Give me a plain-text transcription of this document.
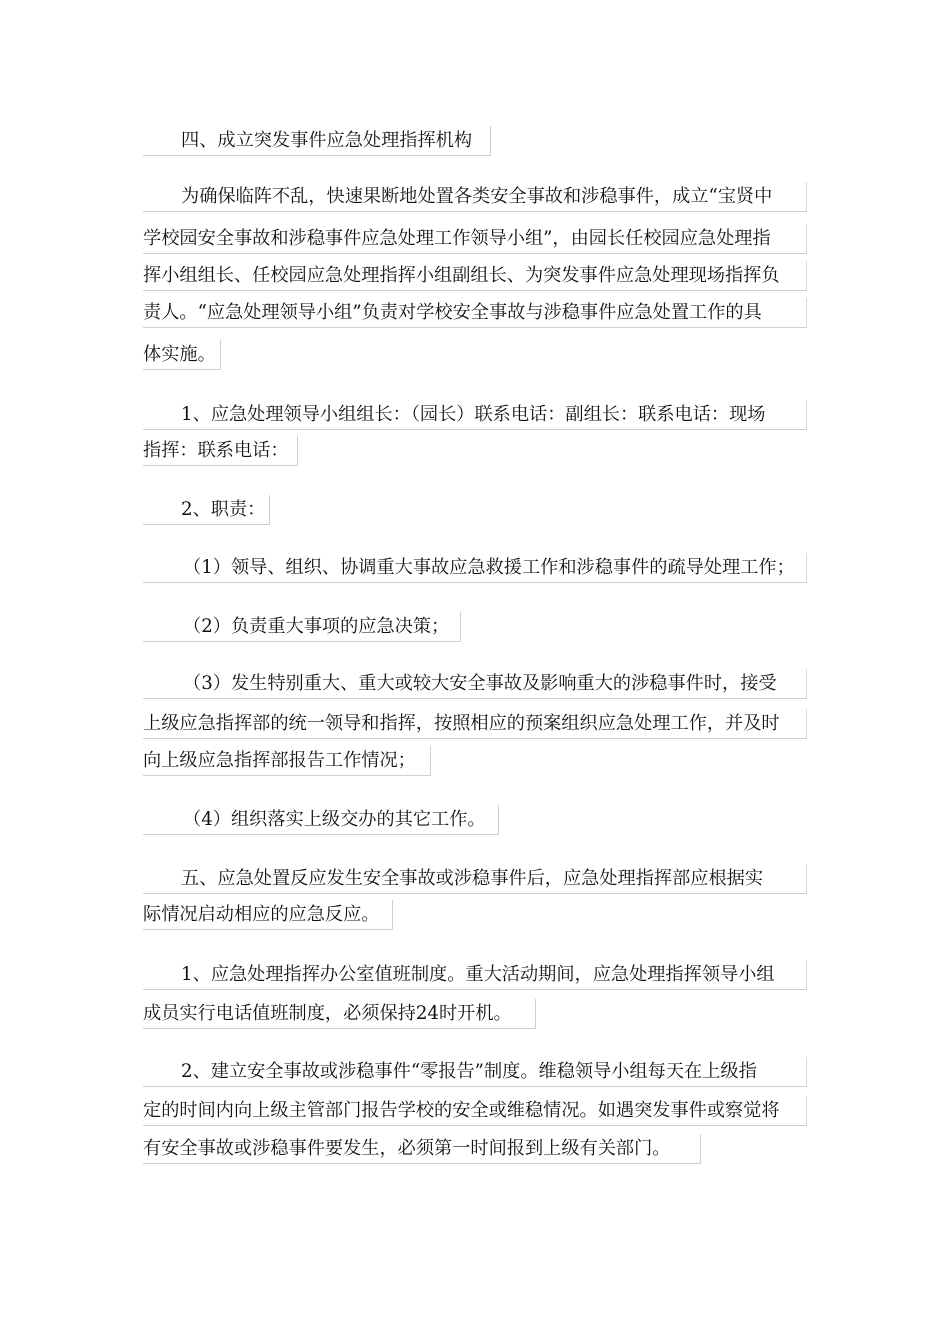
四、成立突发事件应急处理指挥机构
为确保临阵不乱，快速果断地处置各类安全事故和涉稳事件，成立“宝贤中
学校园安全事故和涉稳事件应急处理工作领导小组”，由园长任校园应急处理指
挥小组组长、任校园应急处理指挥小组副组长、为突发事件应急处理现场指挥负
责人。“应急处理领导小组”负责对学校安全事故与涉稳事件应急处置工作的具
体实施。
1、应急处理领导小组组长：（园长）联系电话：副组长：联系电话：现场
指挥：联系电话：
2、职责：
（1）领导、组织、协调重大事故应急救援工作和涉稳事件的疏导处理工作；
（2）负责重大事项的应急决策；
（3）发生特别重大、重大或较大安全事故及影响重大的涉稳事件时，接受
上级应急指挥部的统一领导和指挥，按照相应的预案组织应急处理工作，并及时
向上级应急指挥部报告工作情况；
（4）组织落实上级交办的其它工作。
五、应急处置反应发生安全事故或涉稳事件后，应急处理指挥部应根据实
际情况启动相应的应急反应。
1、应急处理指挥办公室值班制度。重大活动期间，应急处理指挥领导小组
成员实行电话值班制度，必须保持24时开机。
2、建立安全事故或涉稳事件“零报告”制度。维稳领导小组每天在上级指
定的时间内向上级主管部门报告学校的安全或维稳情况。如遇突发事件或察觉将
有安全事故或涉稳事件要发生，必须第一时间报到上级有关部门。
